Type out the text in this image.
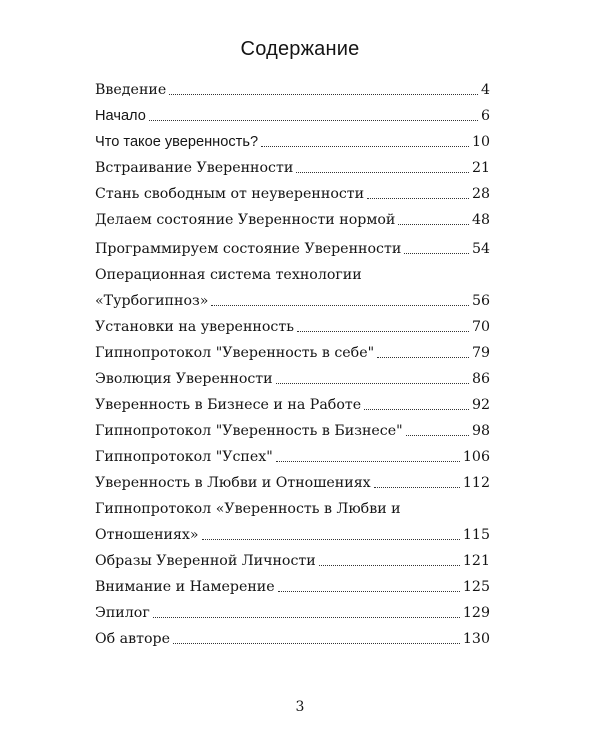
Содержание
Введение	4
Начало	6
Что такое уверенность?	10
Встраивание Уверенности	21
Стань свободным от неуверенности	28
Делаем состояние Уверенности нормой	48
Программируем состояние Уверенности	54
Операционная система технологии
«Турбогипноз»	56
Установки на уверенность	70
Гипнопротокол "Уверенность в себе"	79
Эволюция Уверенности	86
Уверенность в Бизнесе и на Работе	92
Гипнопротокол "Уверенность в Бизнесе"	98
Гипнопротокол "Успех"	106
Уверенность в Любви и Отношениях	112
Гипнопротокол «Уверенность в Любви и
Отношениях»	115
Образы Уверенной Личности	121
Внимание и Намерение	125
Эпилог	129
Об авторе	130
3
